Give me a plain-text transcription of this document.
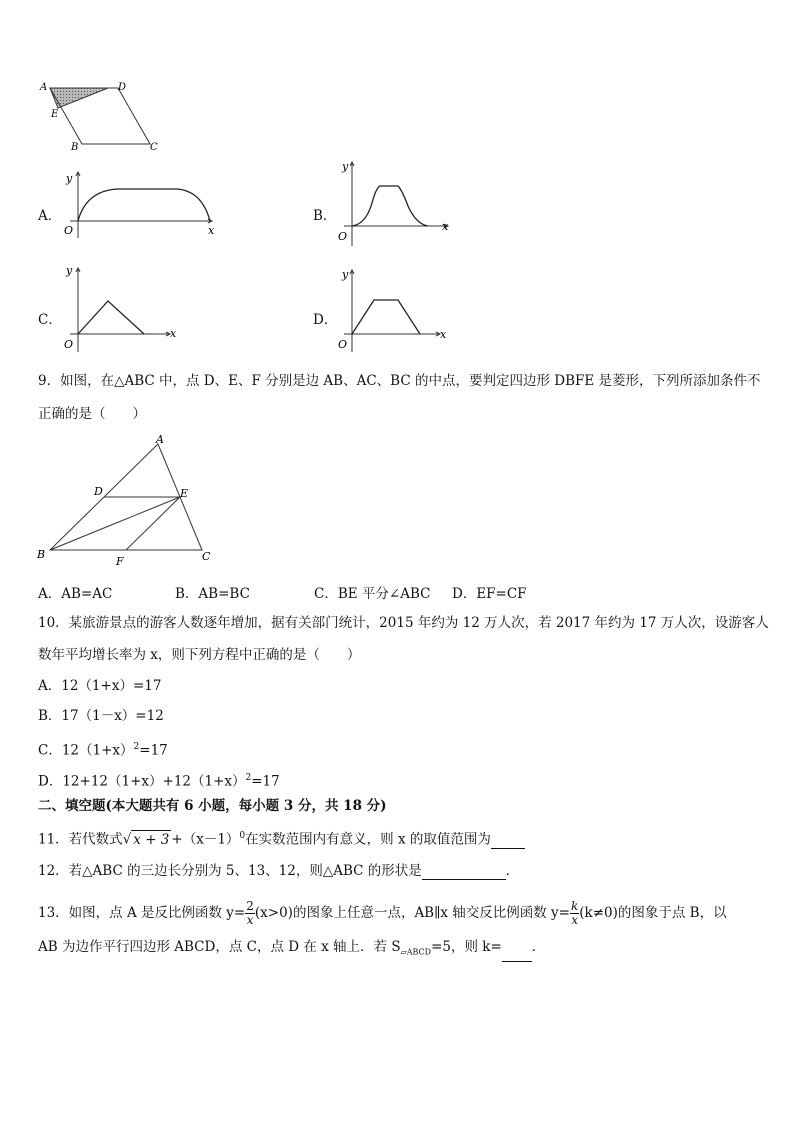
A	D
E
B	C
A．
y
x
O
B．
y
x
O
C．
y
x
O
D．
y
x
O
9．如图，在△ABC 中，点 D、E、F 分别是边 AB、AC、BC 的中点，要判定四边形 DBFE 是菱形，下列所添加条件不
正确的是（　　）
A
D	E
B
F	C
A．AB=AC	B．AB=BC	C．BE 平分∠ABC D．EF=CF
10．某旅游景点的游客人数逐年增加，据有关部门统计，2015 年约为 12 万人次，若 2017 年约为 17 万人次，设游客人
数年平均增长率为 x，则下列方程中正确的是（　　）
A．12（1+x）=17
B．17（1－x）=12
C．$12(1+x)^2=17$
D．$12+12(1+x)+12(1+x)^2=17$
二、填空题(本大题共有 6 小题，每小题 3 分，共 18 分)
11．若代数式√ $x + 3 +(x-1)^0$在实数范围内有意义，则 x 的取值范围为
12．若△ABC 的三边长分别为 5、13、12，则△ABC 的形状是	．
13．如图，点 A 是反比例函数 $y= \frac{2}{x} (x>0)$的图象上任意一点，AB∥x 轴交反比例函数 $y= \frac{k}{x} (k\ne 0)$的图象于点 B，以
AB 为边作平行四边形 ABCD，点 C，点 D 在 x 轴上．若 $S_{▱ABCD}=5$，则 k= ．
